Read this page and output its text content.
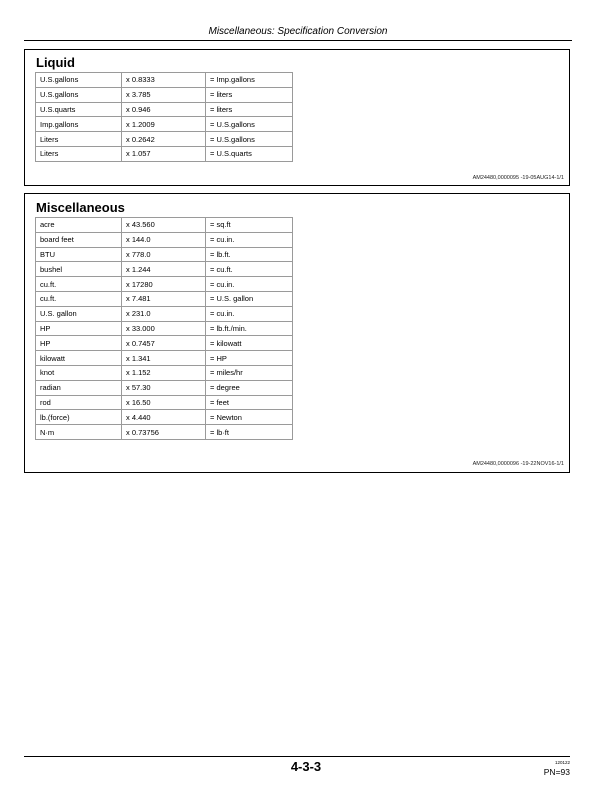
Miscellaneous: Specification Conversion
Liquid
U.S.gallons	x 0.8333	= Imp.gallons
U.S.gallons	x 3.785	= liters
U.S.quarts	x 0.946	= liters
Imp.gallons	x 1.2009	= U.S.gallons
Liters	x 0.2642	= U.S.gallons
Liters	x 1.057	= U.S.quarts
AM24480,0000095 -19-05AUG14-1/1
Miscellaneous
acre	x 43.560	= sq.ft
board feet	x 144.0	= cu.in.
BTU	x 778.0	= lb.ft.
bushel	x 1.244	= cu.ft.
cu.ft.	x 17280	= cu.in.
cu.ft.	x 7.481	= U.S. gallon
U.S. gallon	x 231.0	= cu.in.
HP	x 33.000	= lb.ft./min.
HP	x 0.7457	= kilowatt
kilowatt	x 1.341	= HP
knot	x 1.152	= miles/hr
radian	x 57.30	= degree
rod	x 16.50	= feet
lb.(force)	x 4.440	= Newton
N·m	x 0.73756	= lb·ft
AM24480,0000096 -19-22NOV16-1/1
4-3-3	120122
PN=93
